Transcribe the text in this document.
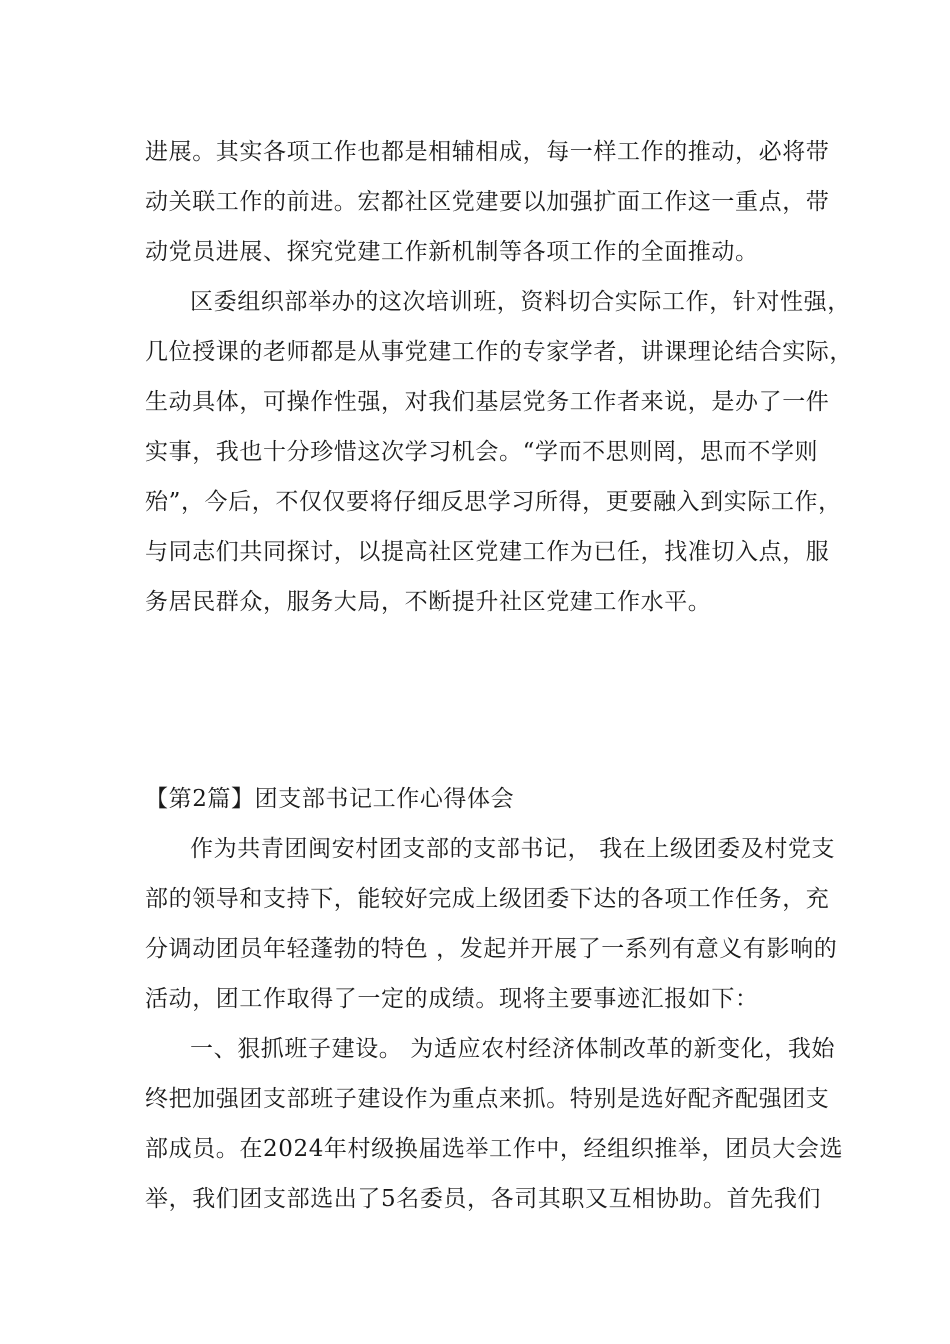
进展。其实各项工作也都是相辅相成，每一样工作的推动，必将带
动关联工作的前进。宏都社区党建要以加强扩面工作这一重点，带
动党员进展、探究党建工作新机制等各项工作的全面推动。
区委组织部举办的这次培训班，资料切合实际工作，针对性强，
几位授课的老师都是从事党建工作的专家学者，讲课理论结合实际，
生动具体，可操作性强，对我们基层党务工作者来说，是办了一件
实事，我也十分珍惜这次学习机会。“学而不思则罔，思而不学则
殆”，今后，不仅仅要将仔细反思学习所得，更要融入到实际工作，
与同志们共同探讨，以提高社区党建工作为已任，找准切入点，服
务居民群众，服务大局，不断提升社区党建工作水平。
【第2篇】团支部书记工作心得体会
作为共青团闽安村团支部的支部书记， 我在上级团委及村党支
部的领导和支持下，能较好完成上级团委下达的各项工作任务，充
分调动团员年轻蓬勃的特色 ，发起并开展了一系列有意义有影响的
活动，团工作取得了一定的成绩。现将主要事迹汇报如下：
一、狠抓班子建设。 为适应农村经济体制改革的新变化，我始
终把加强团支部班子建设作为重点来抓。特别是选好配齐配强团支
部成员。在2024年村级换届选举工作中，经组织推举，团员大会选
举，我们团支部选出了5名委员，各司其职又互相协助。首先我们
